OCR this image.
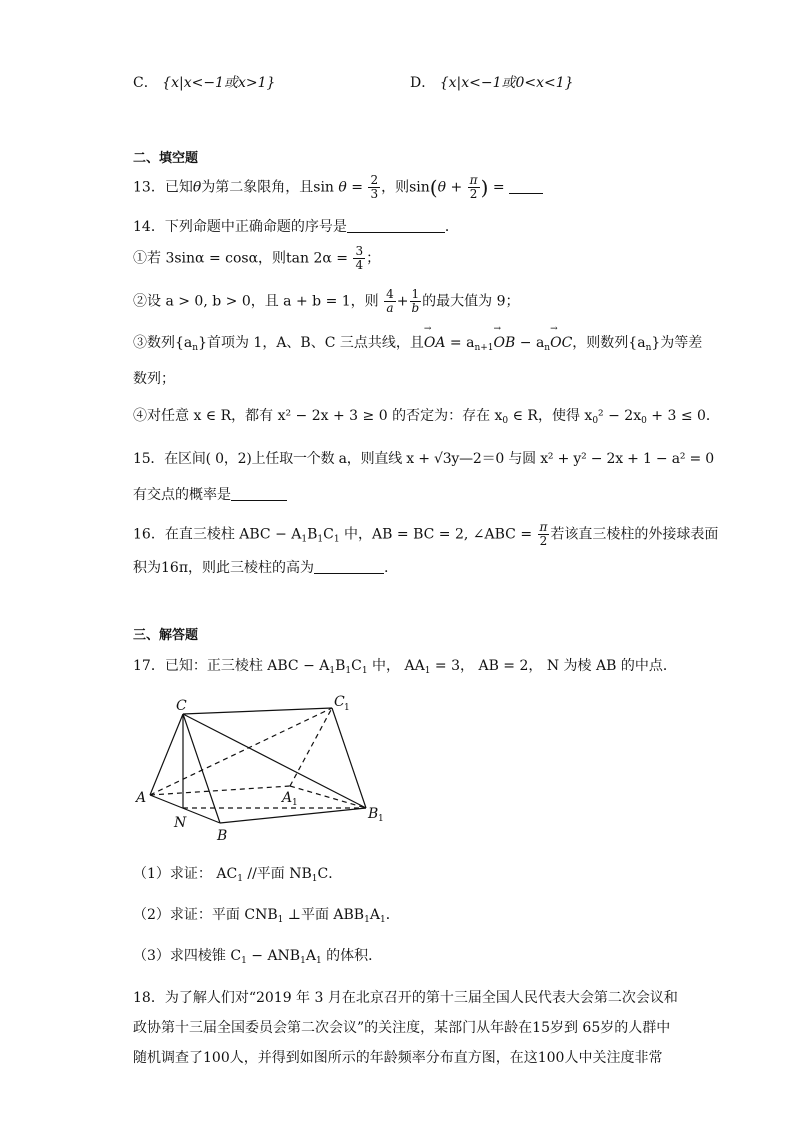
C． {x|x<−1或x>1}	D． {x|x<−1或0<x<1}
二、填空题
13．已知θ为第二象限角，且$\sin \theta = \frac{2}{3}$ ，则$\sin(\theta + \frac{\pi}{2}$ ) =
14．下列命题中正确命题的序号是	．
①若 3sinα = cosα，则$\tan 2\alpha = \frac{3}{4}$ ；
②设 a > 0, b > 0，且 a + b = 1，则 $\frac{4}{a} + \frac{1}{b}$ 的最大值为 9；
③数列$\{a_n\}$首项为 1，A、B、C 三点共线，且→ OA = $a_{n+1}\to$ OB − $a_n\to$ OC，则数列$\{a_n\}$为等差
数列；
④对任意 x ∈ R，都有 x² − 2x + 3 ≥ 0 的否定为：存在 $x_0$ ∈ R，使得 $x_0^2 - 2x_0 + 3 \le 0$．
15．在区间( 0，2)上任取一个数 a，则直线 x + √3y—2＝0 与圆 x² + y² − 2x + 1 − a² = 0
有交点的概率是
16．在直三棱柱 ABC − $A_1B_1C_1$ 中，AB = BC = 2, ∠ABC = $\frac{\pi}{2}$ 若该直三棱柱的外接球表面
积为16π，则此三棱柱的高为	.
三、解答题
17．已知：正三棱柱 ABC − $A_1B_1C_1$ 中， $AA_1 = 3$， AB = 2， N 为棱 AB 的中点．
C	C 1
A	A 1
N
B
B 1
（1）求证： $AC_1$ //平面 $NB_1C$．
（2）求证：平面 $CNB_1$ ⊥平面 $ABB_1A_1$．
（3）求四棱锥 $C_1 - ANB_1A_1$ 的体积．
18．为了解人们对“2019 年 3 月在北京召开的第十三届全国人民代表大会第二次会议和
政协第十三届全国委员会第二次会议”的关注度，某部门从年龄在15岁到 65岁的人群中
随机调查了100人，并得到如图所示的年龄频率分布直方图，在这100人中关注度非常
